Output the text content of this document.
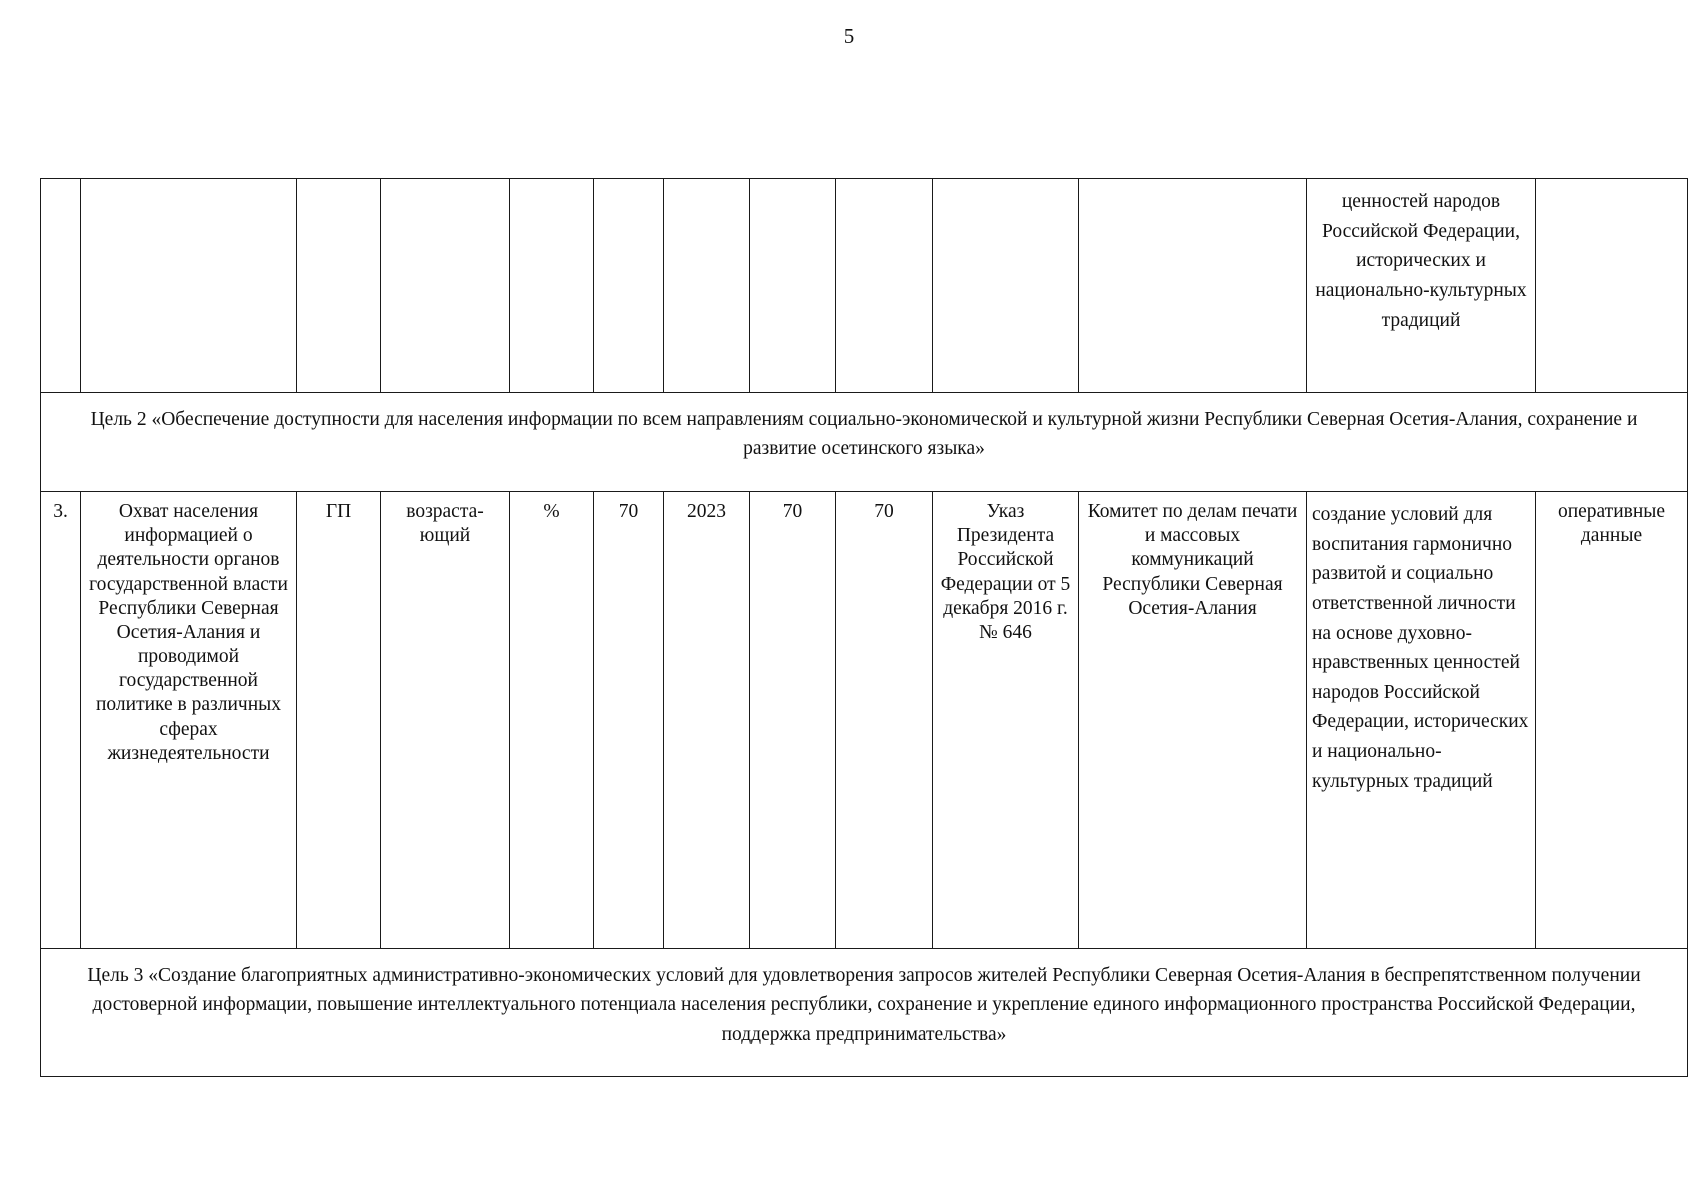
5
											ценностей народов Российской Федерации, исторических и национально-культурных традиций	
Цель 2 «Обеспечение доступности для населения информации по всем направлениям социально-экономической и культурной жизни Республики Северная Осетия-Алания, сохранение и развитие осетинского языка»												
3.	Охват населения информацией о деятельности органов государственной власти Республики Северная Осетия-Алания и проводимой государственной политике в различных сферах жизнедеятельности	ГП	возраста-ющий	%	70	2023	70	70	Указ Президента Российской Федерации от 5 декабря 2016 г. № 646	Комитет по делам печати и массовых коммуникаций Республики Северная Осетия-Алания	создание условий для воспитания гармонично развитой и социально ответственной личности на основе духовно-нравственных ценностей народов Российской Федерации, исторических и национально-культурных традиций	оперативные данные
Цель 3 «Создание благоприятных административно-экономических условий для удовлетворения запросов жителей Республики Северная Осетия-Алания в беспрепятственном получении достоверной информации, повышение интеллектуального потенциала населения республики, сохранение и укрепление единого информационного пространства Российской Федерации, поддержка предпринимательства»												
